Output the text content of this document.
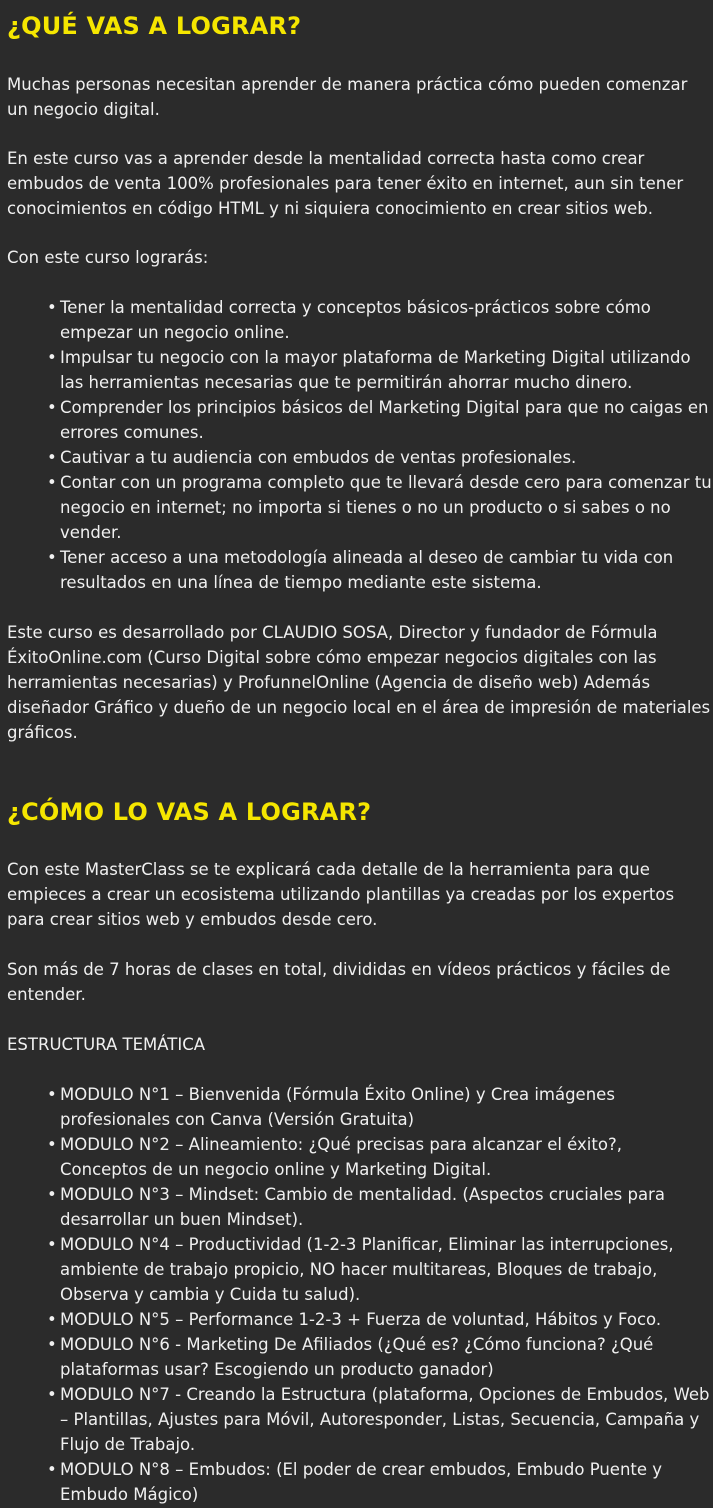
¿QUÉ VAS A LOGRAR?

Muchas personas necesitan aprender de manera práctica cómo pueden comenzar un negocio digital.

En este curso vas a aprender desde la mentalidad correcta hasta como crear embudos de venta 100% profesionales para tener éxito en internet, aun sin tener conocimientos en código HTML y ni siquiera conocimiento en crear sitios web.

Con este curso lograrás:

• Tener la mentalidad correcta y conceptos básicos-prácticos sobre cómo empezar un negocio online.
• Impulsar tu negocio con la mayor plataforma de Marketing Digital utilizando las herramientas necesarias que te permitirán ahorrar mucho dinero.
• Comprender los principios básicos del Marketing Digital para que no caigas en errores comunes.
• Cautivar a tu audiencia con embudos de ventas profesionales.
• Contar con un programa completo que te llevará desde cero para comenzar tu negocio en internet; no importa si tienes o no un producto o si sabes o no vender.
• Tener acceso a una metodología alineada al deseo de cambiar tu vida con resultados en una línea de tiempo mediante este sistema.

Este curso es desarrollado por CLAUDIO SOSA, Director y fundador de Fórmula ÉxitoOnline.com (Curso Digital sobre cómo empezar negocios digitales con las herramientas necesarias) y ProfunnelOnline (Agencia de diseño web) Además diseñador Gráfico y dueño de un negocio local en el área de impresión de materiales gráficos.

¿CÓMO LO VAS A LOGRAR?

Con este MasterClass se te explicará cada detalle de la herramienta para que empieces a crear un ecosistema utilizando plantillas ya creadas por los expertos para crear sitios web y embudos desde cero.

Son más de 7 horas de clases en total, divididas en vídeos prácticos y fáciles de entender.

ESTRUCTURA TEMÁTICA

• MODULO N°1 – Bienvenida (Fórmula Éxito Online) y Crea imágenes profesionales con Canva (Versión Gratuita)
• MODULO N°2 – Alineamiento: ¿Qué precisas para alcanzar el éxito?, Conceptos de un negocio online y Marketing Digital.
• MODULO N°3 – Mindset: Cambio de mentalidad. (Aspectos cruciales para desarrollar un buen Mindset).
• MODULO N°4 – Productividad (1-2-3 Planificar, Eliminar las interrupciones, ambiente de trabajo propicio, NO hacer multitareas, Bloques de trabajo, Observa y cambia y Cuida tu salud).
• MODULO N°5 – Performance 1-2-3 + Fuerza de voluntad, Hábitos y Foco.
• MODULO N°6 - Marketing De Afiliados (¿Qué es? ¿Cómo funciona? ¿Qué plataformas usar? Escogiendo un producto ganador)
• MODULO N°7 - Creando la Estructura (plataforma, Opciones de Embudos, Web – Plantillas, Ajustes para Móvil, Autoresponder, Listas, Secuencia, Campaña y Flujo de Trabajo.
• MODULO N°8 – Embudos: (El poder de crear embudos, Embudo Puente y Embudo Mágico)
